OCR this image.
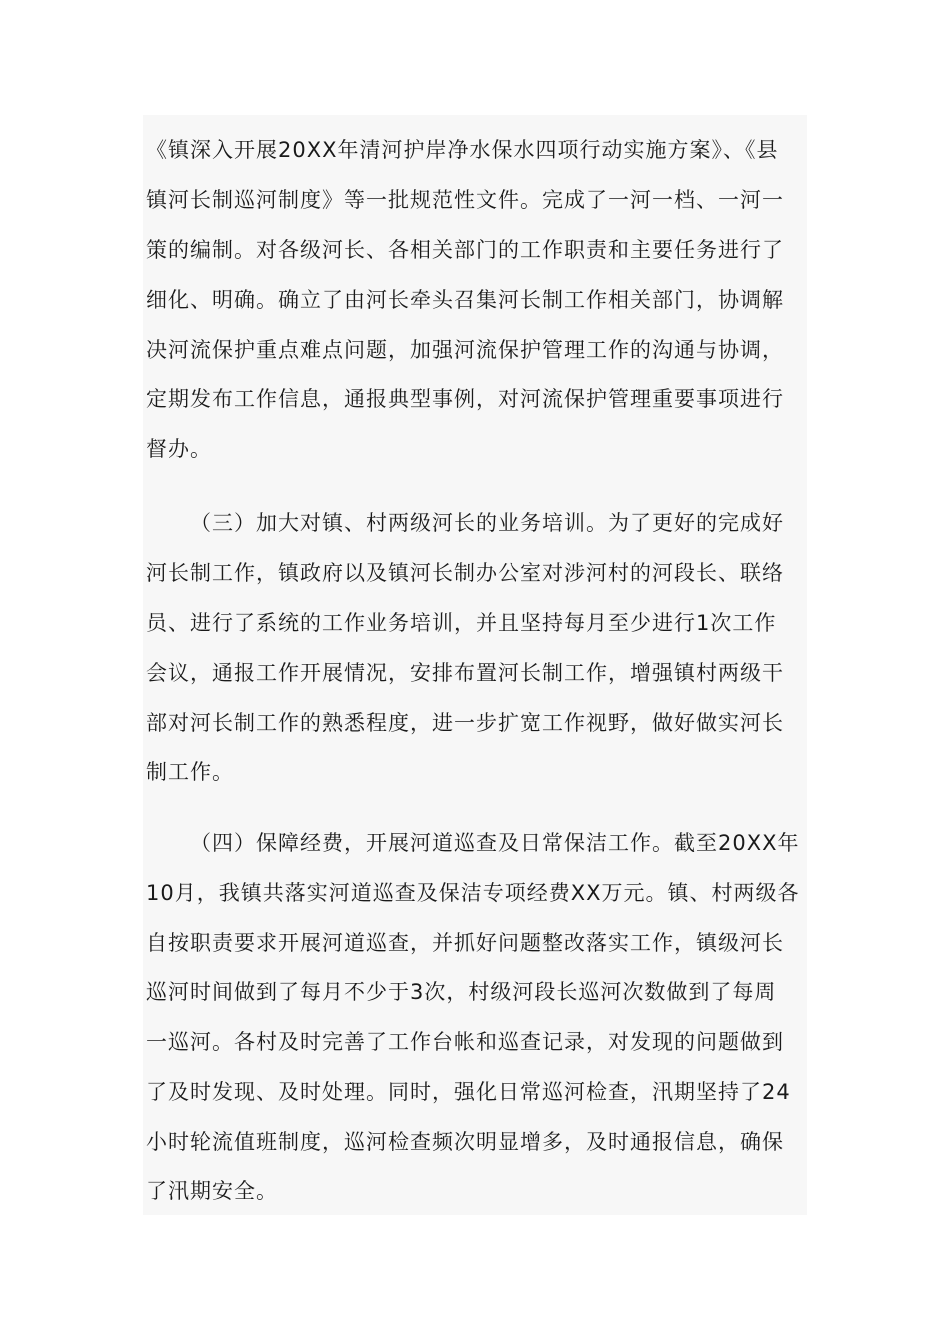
《镇深入开展20XX年清河护岸净水保水四项行动实施方案》、《县

镇河长制巡河制度》等一批规范性文件。完成了一河一档、一河一

策的编制。对各级河长、各相关部门的工作职责和主要任务进行了

细化、明确。确立了由河长牵头召集河长制工作相关部门，协调解

决河流保护重点难点问题，加强河流保护管理工作的沟通与协调，

定期发布工作信息，通报典型事例，对河流保护管理重要事项进行

督办。

（三）加大对镇、村两级河长的业务培训。为了更好的完成好

河长制工作，镇政府以及镇河长制办公室对涉河村的河段长、联络

员、进行了系统的工作业务培训，并且坚持每月至少进行1次工作

会议，通报工作开展情况，安排布置河长制工作，增强镇村两级干

部对河长制工作的熟悉程度，进一步扩宽工作视野，做好做实河长

制工作。

（四）保障经费，开展河道巡查及日常保洁工作。截至20XX年

10月，我镇共落实河道巡查及保洁专项经费XX万元。镇、村两级各

自按职责要求开展河道巡查，并抓好问题整改落实工作，镇级河长

巡河时间做到了每月不少于3次，村级河段长巡河次数做到了每周

一巡河。各村及时完善了工作台帐和巡查记录，对发现的问题做到

了及时发现、及时处理。同时，强化日常巡河检查，汛期坚持了24

小时轮流值班制度，巡河检查频次明显增多，及时通报信息，确保

了汛期安全。
